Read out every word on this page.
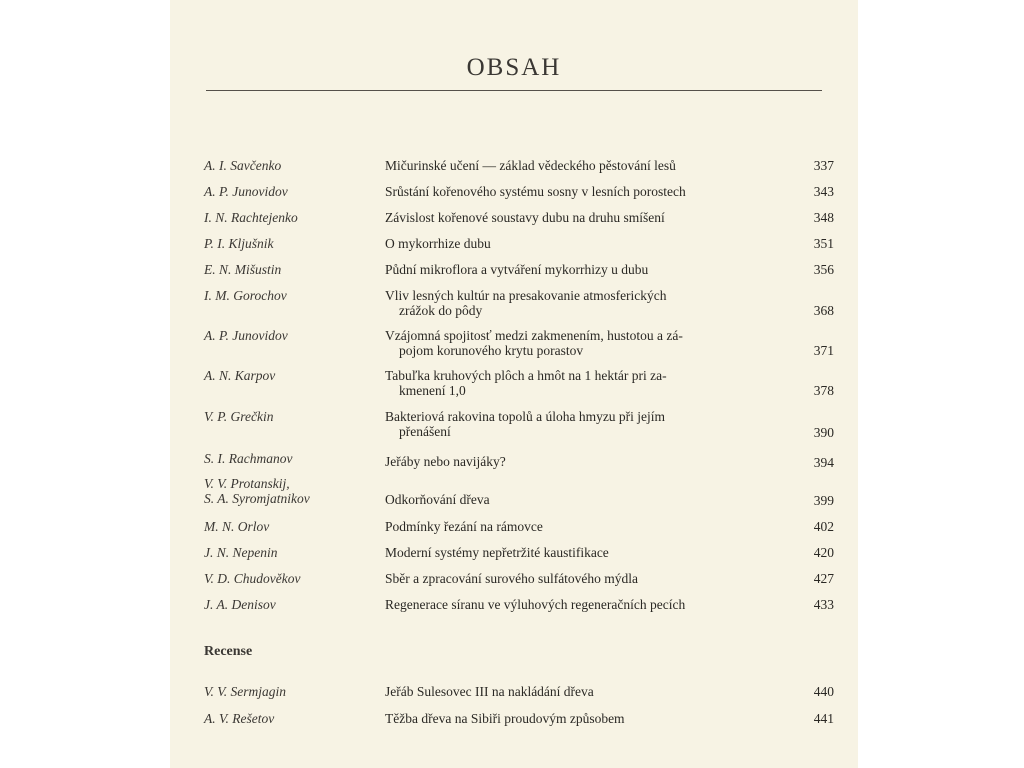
OBSAH
A. I. Savčenko	Mičurinské učení — základ vědeckého pěstování lesů	337
A. P. Junovidov	Srůstání kořenového systému sosny v lesních porostech	343
I. N. Rachtejenko	Závislost kořenové soustavy dubu na druhu smíšení	348
P. I. Kljušnik	O mykorrhize dubu	351
E. N. Mišustin	Půdní mikroflora a vytváření mykorrhizy u dubu	356
I. M. Gorochov	Vliv lesných kultúr na presakovanie atmosferických
zrážok do pôdy	368
A. P. Junovidov	Vzájomná spojitosť medzi zakmenením, hustotou a zá-
pojom korunového krytu porastov	371
A. N. Karpov	Tabuľka kruhových plôch a hmôt na 1 hektár pri za-
kmenení 1,0	378
V. P. Grečkin	Bakteriová rakovina topolů a úloha hmyzu při jejím
přenášení	390
S. I. Rachmanov	Jeřáby nebo navijáky?	394
V. V. Protanskij,
S. A. Syromjatnikov	Odkorňování dřeva	399
M. N. Orlov	Podmínky řezání na rámovce	402
J. N. Nepenin	Moderní systémy nepřetržité kaustifikace	420
V. D. Chudověkov	Sběr a zpracování surového sulfátového mýdla	427
J. A. Denisov	Regenerace síranu ve výluhových regeneračních pecích	433
Recense
V. V. Sermjagin	Jeřáb Sulesovec III na nakládání dřeva	440
A. V. Rešetov	Těžba dřeva na Sibiři proudovým způsobem	441
